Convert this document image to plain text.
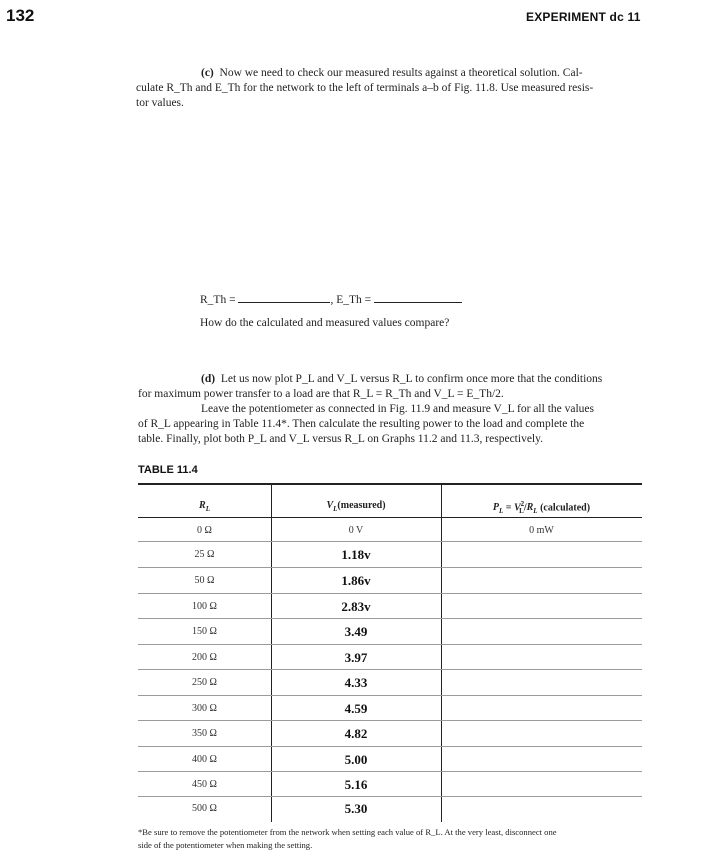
132	EXPERIMENT dc 11
(c) Now we need to check our measured results against a theoretical solution. Cal-
culate R_Th and E_Th for the network to the left of terminals a–b of Fig. 11.8. Use measured resis-
tor values.
R_Th =	, E_Th =
How do the calculated and measured values compare?
(d) Let us now plot P_L and V_L versus R_L to confirm once more that the conditions
for maximum power transfer to a load are that R_L = R_Th and V_L = E_Th/2.
Leave the potentiometer as connected in Fig. 11.9 and measure V_L for all the values
of R_L appearing in Table 11.4*. Then calculate the resulting power to the load and complete the
table. Finally, plot both P_L and V_L versus R_L on Graphs 11.2 and 11.3, respectively.
TABLE 11.4
$R_L$	$V_L(measured)$	$P_L = V^2_L/R_L$ (calculated)
0 Ω	0 V	0 mW
25 Ω	1.18v
50 Ω	1.86v
100 Ω	2.83v
150 Ω	3.49
200 Ω	3.97
250 Ω	4.33
300 Ω	4.59
350 Ω	4.82
400 Ω	5.00
450 Ω	5.16
500 Ω	5.30
*Be sure to remove the potentiometer from the network when setting each value of R_L. At the very least, disconnect one
side of the potentiometer when making the setting.
